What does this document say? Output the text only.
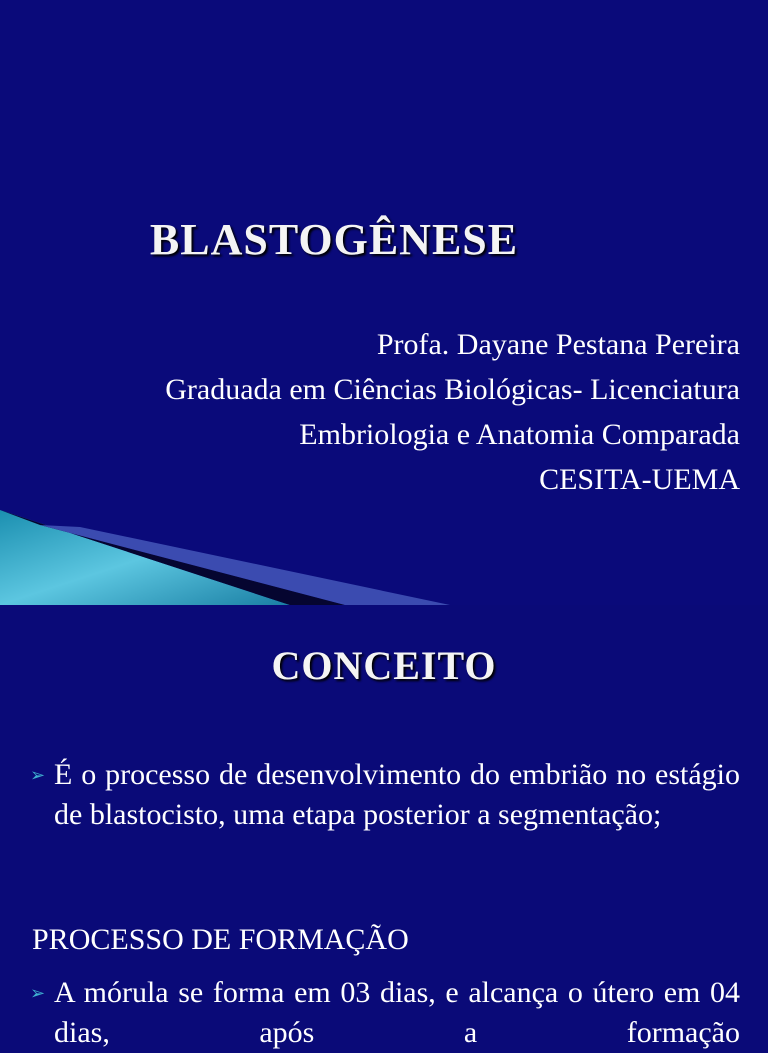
BLASTOGÊNESE
Profa. Dayane Pestana Pereira
Graduada em Ciências Biológicas- Licenciatura
Embriologia e Anatomia Comparada
CESITA-UEMA
CONCEITO
➢ É o processo de desenvolvimento do embrião no estágio de blastocisto, uma etapa posterior a segmentação;
PROCESSO DE FORMAÇÃO
➢ A mórula se forma em 03 dias, e alcança o útero em 04 dias, após a formação
